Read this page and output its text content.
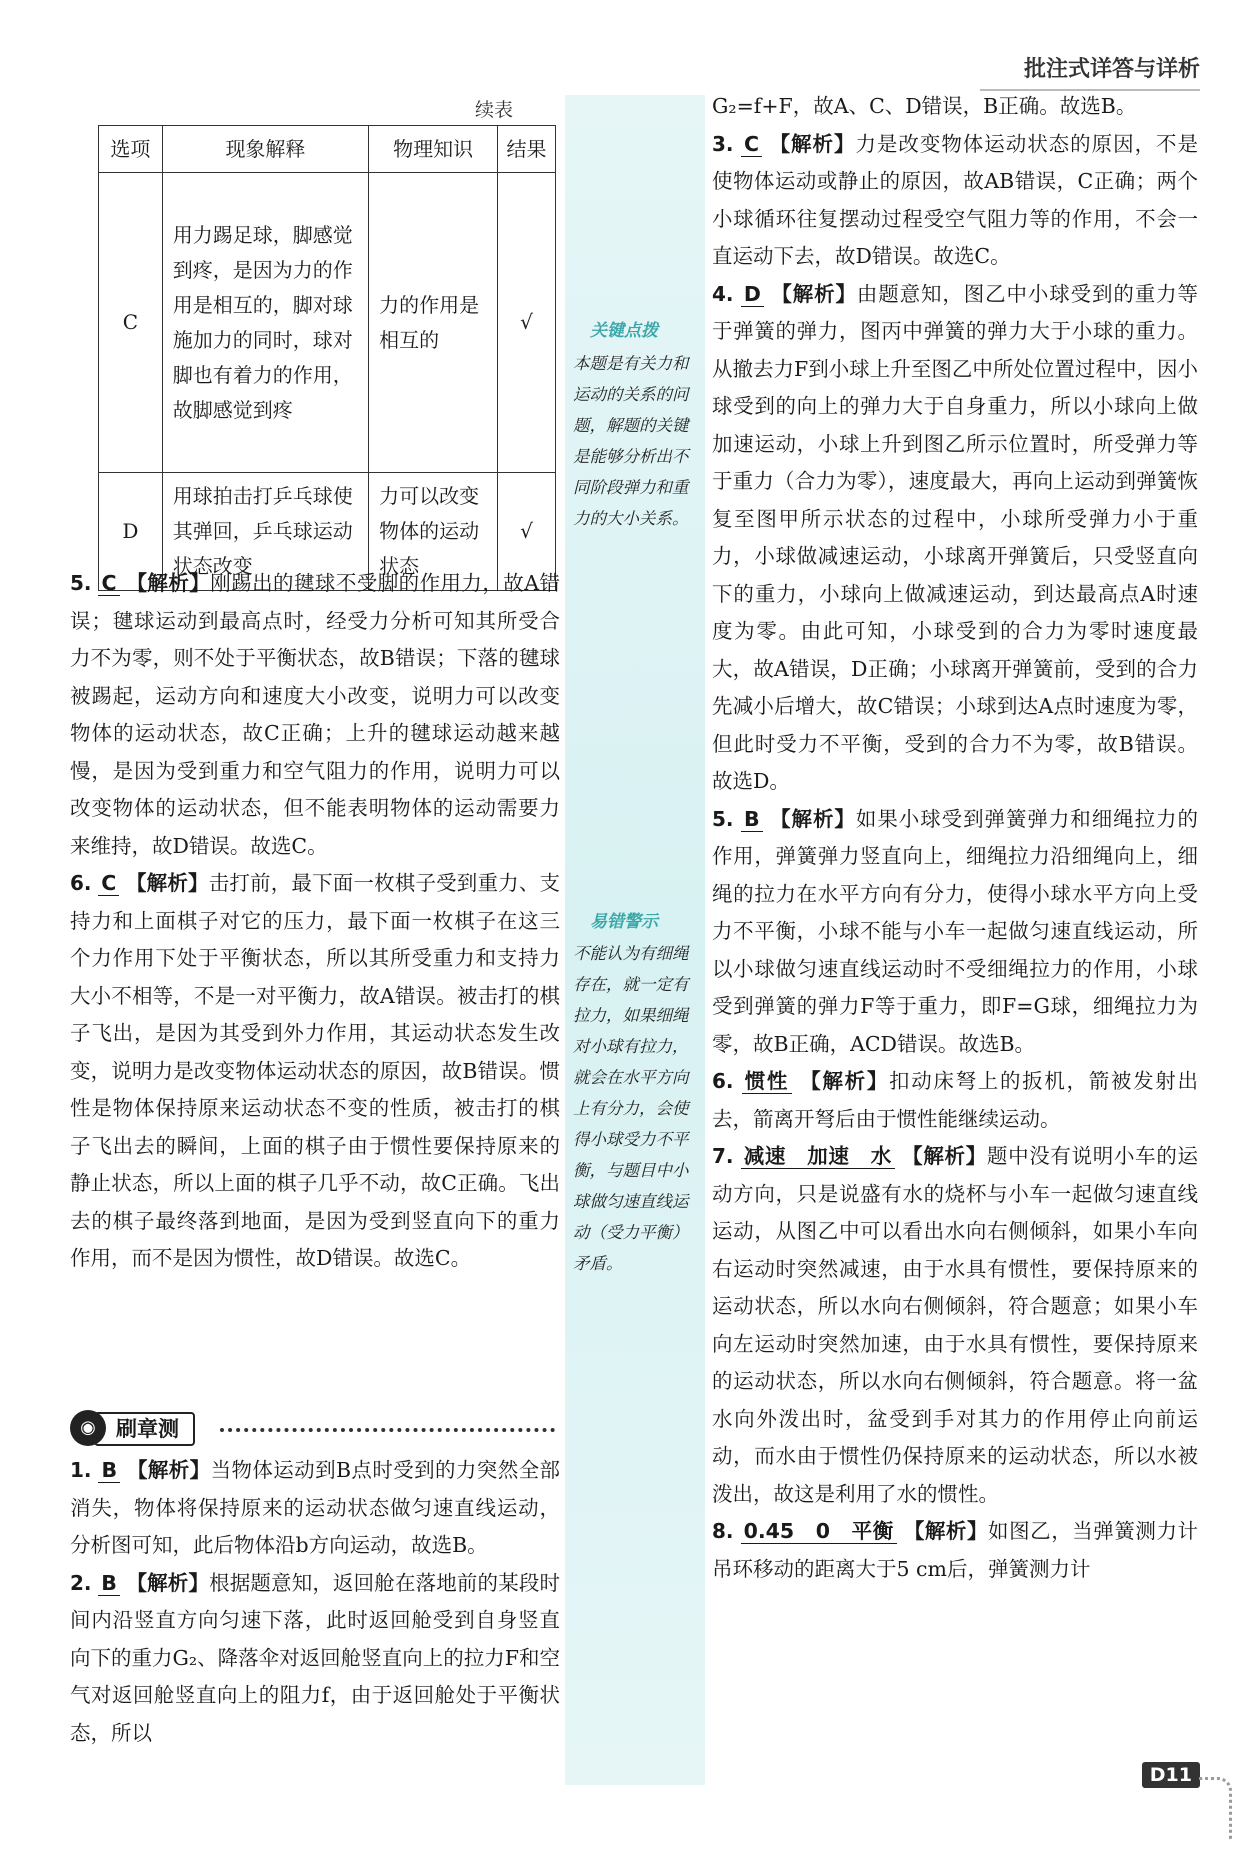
批注式详答与详析
续表
选项	现象解释	物理知识	结果
C	用力踢足球，脚感觉到疼，是因为力的作用是相互的，脚对球施加力的同时，球对脚也有着力的作用，故脚感觉到疼	力的作用是相互的	√
D	用球拍击打乒乓球使其弹回，乒乓球运动状态改变	力可以改变物体的运动状态	√

5. C 【解析】刚踢出的毽球不受脚的作用力，故A错误；毽球运动到最高点时，经受力分析可知其所受合力不为零，则不处于平衡状态，故B错误；下落的毽球被踢起，运动方向和速度大小改变，说明力可以改变物体的运动状态，故C正确；上升的毽球运动越来越慢，是因为受到重力和空气阻力的作用，说明力可以改变物体的运动状态，但不能表明物体的运动需要力来维持，故D错误。故选C。

6. C 【解析】击打前，最下面一枚棋子受到重力、支持力和上面棋子对它的压力，最下面一枚棋子在这三个力作用下处于平衡状态，所以其所受重力和支持力大小不相等，不是一对平衡力，故A错误。被击打的棋子飞出，是因为其受到外力作用，其运动状态发生改变，说明力是改变物体运动状态的原因，故B错误。惯性是物体保持原来运动状态不变的性质，被击打的棋子飞出去的瞬间，上面的棋子由于惯性要保持原来的静止状态，所以上面的棋子几乎不动，故C正确。飞出去的棋子最终落到地面，是因为受到竖直向下的重力作用，而不是因为惯性，故D错误。故选C。

刷章测
◉

1. B 【解析】当物体运动到B点时受到的力突然全部消失，物体将保持原来的运动状态做匀速直线运动，分析图可知，此后物体沿b方向运动，故选B。

2. B 【解析】根据题意知，返回舱在落地前的某段时间内沿竖直方向匀速下落，此时返回舱受到自身竖直向下的重力G₂、降落伞对返回舱竖直向上的拉力F和空气对返回舱竖直向上的阻力f，由于返回舱处于平衡状态，所以

关键点拨
本题是有关力和运动的关系的问题，解题的关键是能够分析出不同阶段弹力和重力的大小关系。
易错警示
不能认为有细绳存在，就一定有拉力，如果细绳对小球有拉力，就会在水平方向上有分力，会使得小球受力不平衡，与题目中小球做匀速直线运动（受力平衡）矛盾。

G₂=f+F，故A、C、D错误，B正确。故选B。

3. C 【解析】力是改变物体运动状态的原因，不是使物体运动或静止的原因，故AB错误，C正确；两个小球循环往复摆动过程受空气阻力等的作用，不会一直运动下去，故D错误。故选C。

4. D 【解析】由题意知，图乙中小球受到的重力等于弹簧的弹力，图丙中弹簧的弹力大于小球的重力。从撤去力F到小球上升至图乙中所处位置过程中，因小球受到的向上的弹力大于自身重力，所以小球向上做加速运动，小球上升到图乙所示位置时，所受弹力等于重力（合力为零），速度最大，再向上运动到弹簧恢复至图甲所示状态的过程中，小球所受弹力小于重力，小球做减速运动，小球离开弹簧后，只受竖直向下的重力，小球向上做减速运动，到达最高点A时速度为零。由此可知，小球受到的合力为零时速度最大，故A错误，D正确；小球离开弹簧前，受到的合力先减小后增大，故C错误；小球到达A点时速度为零，但此时受力不平衡，受到的合力不为零，故B错误。故选D。

5. B 【解析】如果小球受到弹簧弹力和细绳拉力的作用，弹簧弹力竖直向上，细绳拉力沿细绳向上，细绳的拉力在水平方向有分力，使得小球水平方向上受力不平衡，小球不能与小车一起做匀速直线运动，所以小球做匀速直线运动时不受细绳拉力的作用，小球受到弹簧的弹力F等于重力，即F=G球，细绳拉力为零，故B正确，ACD错误。故选B。

6. 惯性 【解析】扣动床弩上的扳机，箭被发射出去，箭离开弩后由于惯性能继续运动。

7. 减速　加速　水 【解析】题中没有说明小车的运动方向，只是说盛有水的烧杯与小车一起做匀速直线运动，从图乙中可以看出水向右侧倾斜，如果小车向右运动时突然减速，由于水具有惯性，要保持原来的运动状态，所以水向右侧倾斜，符合题意；如果小车向左运动时突然加速，由于水具有惯性，要保持原来的运动状态，所以水向右侧倾斜，符合题意。将一盆水向外泼出时，盆受到手对其力的作用停止向前运动，而水由于惯性仍保持原来的运动状态，所以水被泼出，故这是利用了水的惯性。

8. 0.45　0　平衡 【解析】如图乙，当弹簧测力计吊环移动的距离大于5 cm后，弹簧测力计

D11
